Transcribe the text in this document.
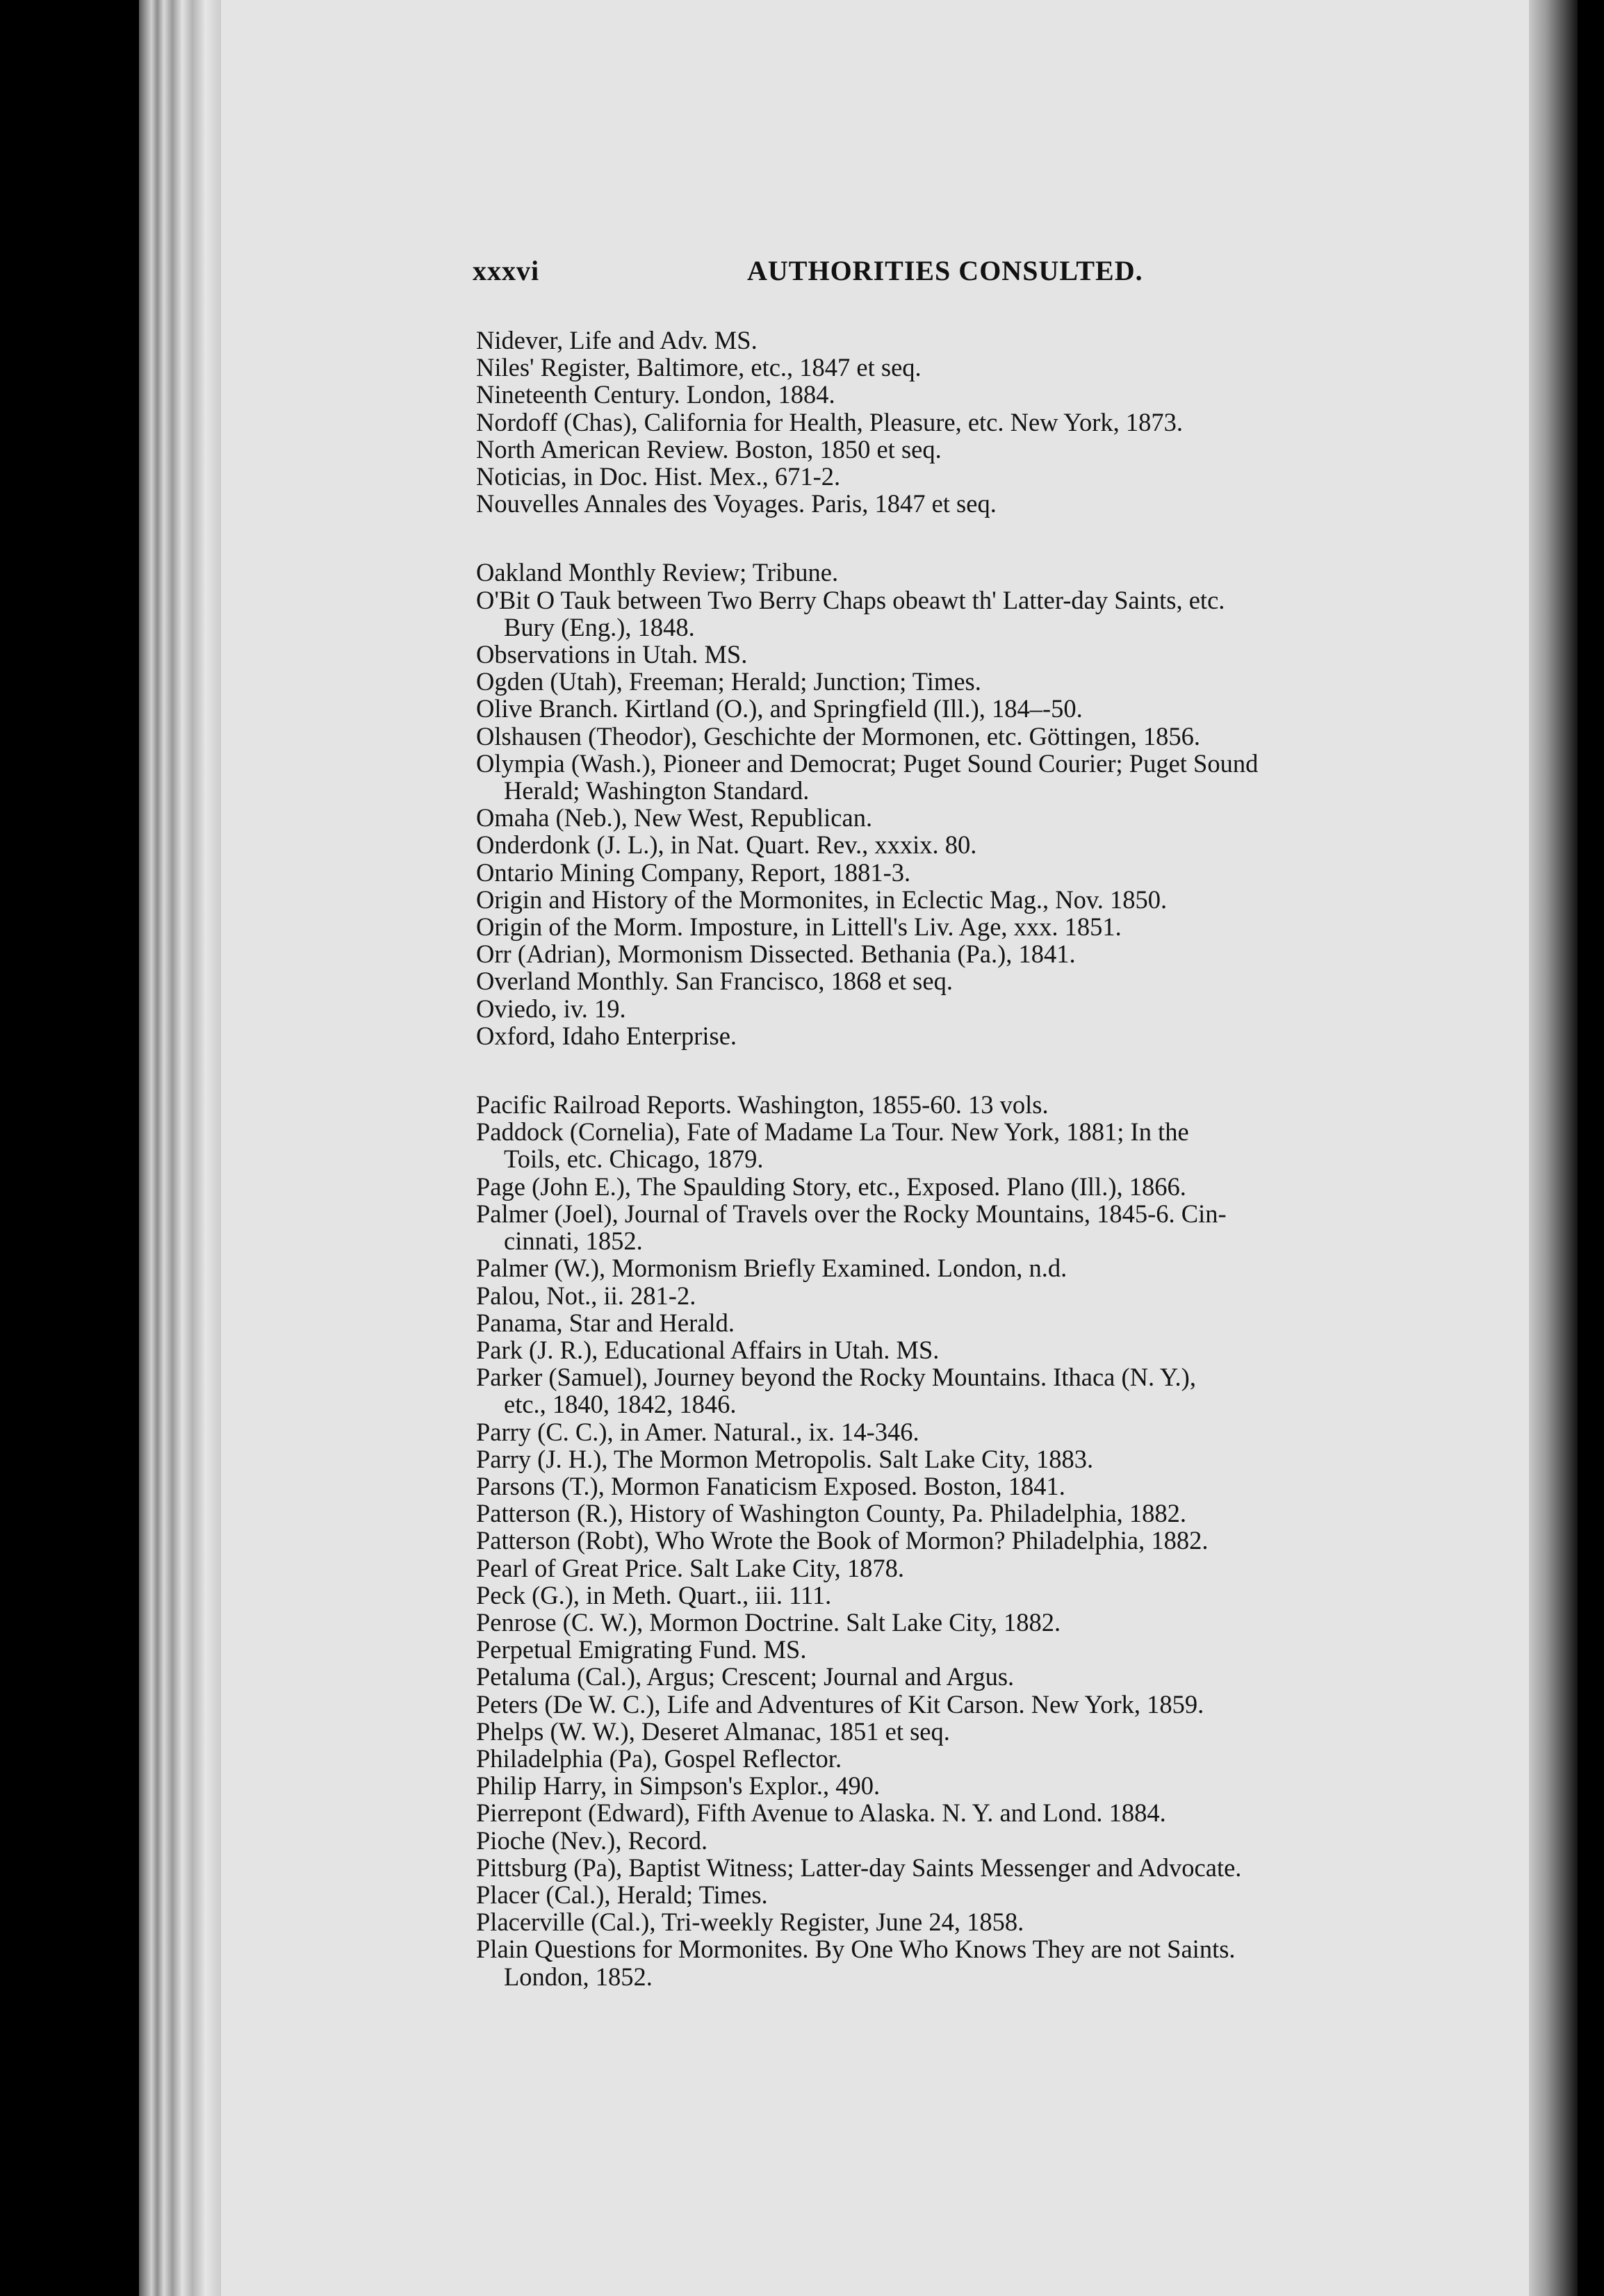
xxxvi	AUTHORITIES CONSULTED.
Nidever, Life and Adv. MS.
Niles' Register, Baltimore, etc., 1847 et seq.
Nineteenth Century. London, 1884.
Nordoff (Chas), California for Health, Pleasure, etc. New York, 1873.
North American Review. Boston, 1850 et seq.
Noticias, in Doc. Hist. Mex., 671-2.
Nouvelles Annales des Voyages. Paris, 1847 et seq.
Oakland Monthly Review; Tribune.
O'Bit O Tauk between Two Berry Chaps obeawt th' Latter-day Saints, etc.
Bury (Eng.), 1848.
Observations in Utah. MS.
Ogden (Utah), Freeman; Herald; Junction; Times.
Olive Branch. Kirtland (O.), and Springfield (Ill.), 184–-50.
Olshausen (Theodor), Geschichte der Mormonen, etc. Göttingen, 1856.
Olympia (Wash.), Pioneer and Democrat; Puget Sound Courier; Puget Sound
Herald; Washington Standard.
Omaha (Neb.), New West, Republican.
Onderdonk (J. L.), in Nat. Quart. Rev., xxxix. 80.
Ontario Mining Company, Report, 1881-3.
Origin and History of the Mormonites, in Eclectic Mag., Nov. 1850.
Origin of the Morm. Imposture, in Littell's Liv. Age, xxx. 1851.
Orr (Adrian), Mormonism Dissected. Bethania (Pa.), 1841.
Overland Monthly. San Francisco, 1868 et seq.
Oviedo, iv. 19.
Oxford, Idaho Enterprise.
Pacific Railroad Reports. Washington, 1855-60. 13 vols.
Paddock (Cornelia), Fate of Madame La Tour. New York, 1881; In the
Toils, etc. Chicago, 1879.
Page (John E.), The Spaulding Story, etc., Exposed. Plano (Ill.), 1866.
Palmer (Joel), Journal of Travels over the Rocky Mountains, 1845-6. Cin-
cinnati, 1852.
Palmer (W.), Mormonism Briefly Examined. London, n.d.
Palou, Not., ii. 281-2.
Panama, Star and Herald.
Park (J. R.), Educational Affairs in Utah. MS.
Parker (Samuel), Journey beyond the Rocky Mountains. Ithaca (N. Y.),
etc., 1840, 1842, 1846.
Parry (C. C.), in Amer. Natural., ix. 14-346.
Parry (J. H.), The Mormon Metropolis. Salt Lake City, 1883.
Parsons (T.), Mormon Fanaticism Exposed. Boston, 1841.
Patterson (R.), History of Washington County, Pa. Philadelphia, 1882.
Patterson (Robt), Who Wrote the Book of Mormon? Philadelphia, 1882.
Pearl of Great Price. Salt Lake City, 1878.
Peck (G.), in Meth. Quart., iii. 111.
Penrose (C. W.), Mormon Doctrine. Salt Lake City, 1882.
Perpetual Emigrating Fund. MS.
Petaluma (Cal.), Argus; Crescent; Journal and Argus.
Peters (De W. C.), Life and Adventures of Kit Carson. New York, 1859.
Phelps (W. W.), Deseret Almanac, 1851 et seq.
Philadelphia (Pa), Gospel Reflector.
Philip Harry, in Simpson's Explor., 490.
Pierrepont (Edward), Fifth Avenue to Alaska. N. Y. and Lond. 1884.
Pioche (Nev.), Record.
Pittsburg (Pa), Baptist Witness; Latter-day Saints Messenger and Advocate.
Placer (Cal.), Herald; Times.
Placerville (Cal.), Tri-weekly Register, June 24, 1858.
Plain Questions for Mormonites. By One Who Knows They are not Saints.
London, 1852.
